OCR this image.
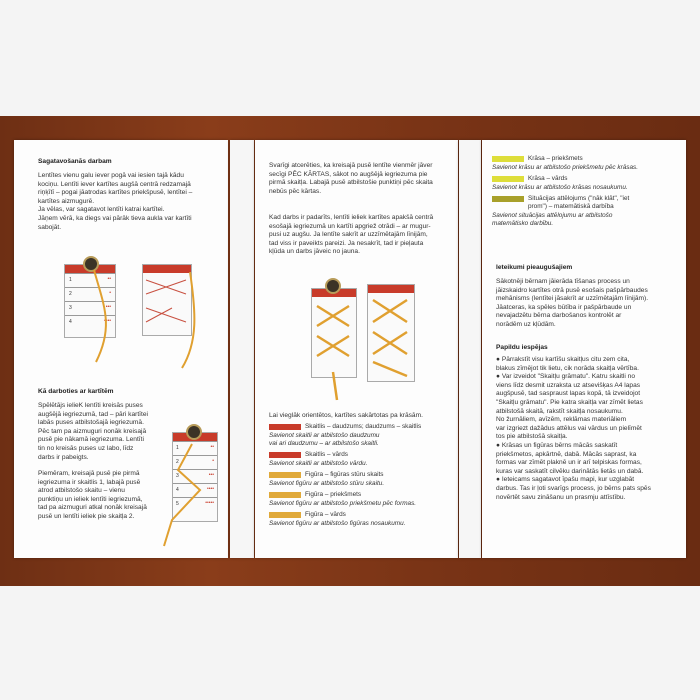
Sagatavošanās darbam
Lentītes vienu galu iever pogā vai iesien tajā kādu
kociņu. Lentīti iever kartītes augšā centrā redzamajā
riņķītī – pogai jāatrodas kartītes priekšpusē, lentītei –
kartītes aizmugurē.
Ja vēlas, var sagatavot lentīti katrai kartītei.
Jāņem vērā, ka diegs vai pārāk tieva aukla var kartīti
sabojāt.
1	••
2	•
3	•••
4	••••
Kā darboties ar kartītēm
Spēlētājs ielieK lentīti kreisās puses
augšējā iegriezumā, tad – pāri kartītei
labās puses atbilstošajā iegriezumā.
Pēc tam pa aizmuguri nonāk kreisajā
pusē pie nākamā iegriezuma. Lentīti
tin no kreisās puses uz labo, līdz
darbs ir pabeigts.
Piemēram, kreisajā pusē pie pirmā
iegriezuma ir skaitlis 1, labajā pusē
atrod atbilstošo skaitu – vienu
punktiņu un ieliek lentīti iegriezumā,
tad pa aizmuguri atkal nonāk kreisajā
pusē un lentīti ieliek pie skaitļa 2.
1	••
2	•
3	•••
4	••••
5	•••••
Svarīgi atcerēties, ka kreisajā pusē lentīte vienmēr jāver
secīgi PĒC KĀRTAS, sākot no augšējā iegriezuma pie
pirmā skaitļa. Labajā pusē atbilstošie punktiņi pēc skaita
nebūs pēc kārtas.
Kad darbs ir padarīts, lentīti ieliek kartītes apakšā centrā
esošajā iegriezumā un kartīti apgriež otrādi – ar mugur-
pusi uz augšu. Ja lentīte sakrīt ar uzzīmētajām līnijām,
tad viss ir paveikts pareizi. Ja nesakrīt, tad ir pieļauta
kļūda un darbs jāveic no jauna.
Lai vieglāk orientētos, kartītes sakārtotas pa krāsām.
Skaitlis – daudzums; daudzums – skaitlis
Savienot skaitli ar atbilstošo daudzumu
vai ari daudzumu – ar atbilstošo skaitli.
Skaitlis – vārds
Savienot skaitli ar atbilstošo vārdu.
Figūra – figūras stūru skaits
Savienot figūru ar atbilstošo stūru skaitu.
Figūra – priekšmets
Savienot figūru ar atbilstošo priekšmetu pēc formas.
Figūra – vārds
Savienot figūru ar atbilstošo figūras nosaukumu.
Krāsa – priekšmets
Savienot krāsu ar atbilstošo priekšmetu pēc krāsas.
Krāsa – vārds
Savienot krāsu ar atbilstošo krāsas nosaukumu.
Situācijas attēlojums ("nāk klāt", "iet
prom") – matemātiskā darbība
Savienot situācijas attēlojumu ar atbilstošo
matemātisko darbību.
Ieteikumi pieaugušajiem
Sākotnēji bērnam jāierāda tīšanas process un
jāizskaidro kartītes otrā pusē esošais pašpārbaudes
mehānisms (lentītei jāsakrīt ar uzzīmētajām līnijām).
Jāatceras, ka spēles būtība ir pašpārbaude un
nevajadzētu bērna darbošanos kontrolēt ar
norādēm uz kļūdām.
Papildu iespējas
● Pārrakstīt visu kartīšu skaitļus citu zem cita,
blakus zīmējot tik lietu, cik norāda skaitļa vērtība.
● Var izveidot "Skaitļu grāmatu". Katru skaitli no
viens līdz desmit uzraksta uz atsevišķas A4 lapas
augšpusē, tad saspraust lapas kopā, tā izveidojot
"Skaitļu grāmatu". Pie katra skaitļa var zīmēt lietas
atbilstošā skaitā, rakstīt skaitļa nosaukumu.
No žurnāliem, avīzēm, reklāmas materiāliem
var izgriezt dažādus attēlus vai vārdus un pielīmēt
tos pie atbilstošā skaitļa.
● Krāsas un figūras bērns mācās saskatīt
priekšmetos, apkārtnē, dabā. Mācās saprast, ka
formas var zīmēt plaknē un ir arī telpiskas formas,
kuras var saskatīt cilvēku darinātās lietās un dabā.
● Ieteicams sagatavot īpašu mapi, kur uzglabāt
darbus. Tas ir ļoti svarīgs process, jo bērns pats spēs
novērtēt savu zināšanu un prasmju attīstību.
